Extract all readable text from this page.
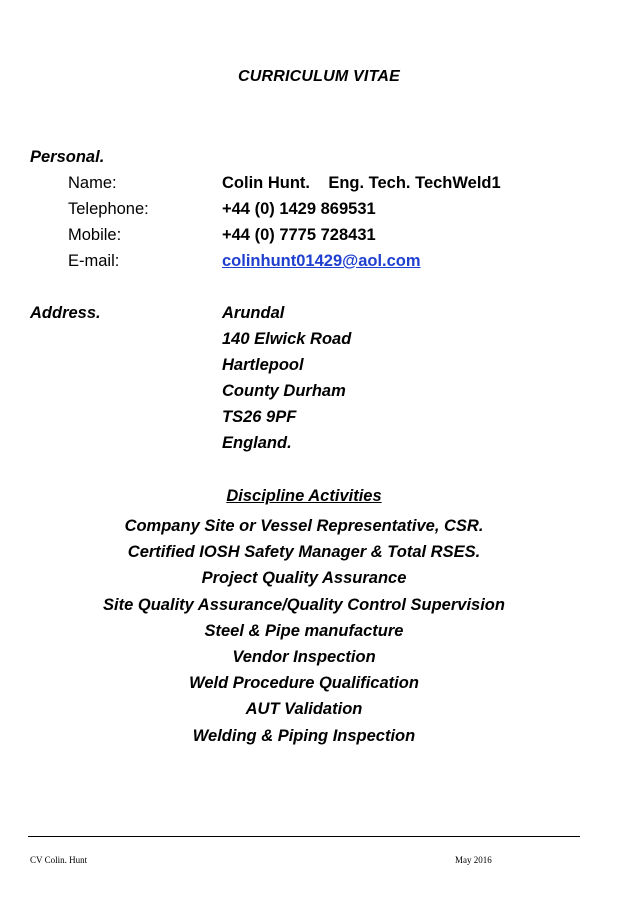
CURRICULUM VITAE
Personal.
Name:	Colin Hunt.    Eng. Tech. TechWeld1
Telephone:	+44 (0) 1429 869531
Mobile:	+44 (0) 7775 728431
E-mail:	colinhunt01429@aol.com
Address.	Arundal
140 Elwick Road
Hartlepool
County Durham
TS26 9PF
England.
Discipline Activities
Company Site or Vessel Representative, CSR.
Certified IOSH Safety Manager & Total RSES.
Project Quality Assurance
Site Quality Assurance/Quality Control Supervision
Steel & Pipe manufacture
Vendor Inspection
Weld Procedure Qualification
AUT Validation
Welding & Piping Inspection
CV Colin. Hunt	May 2016
